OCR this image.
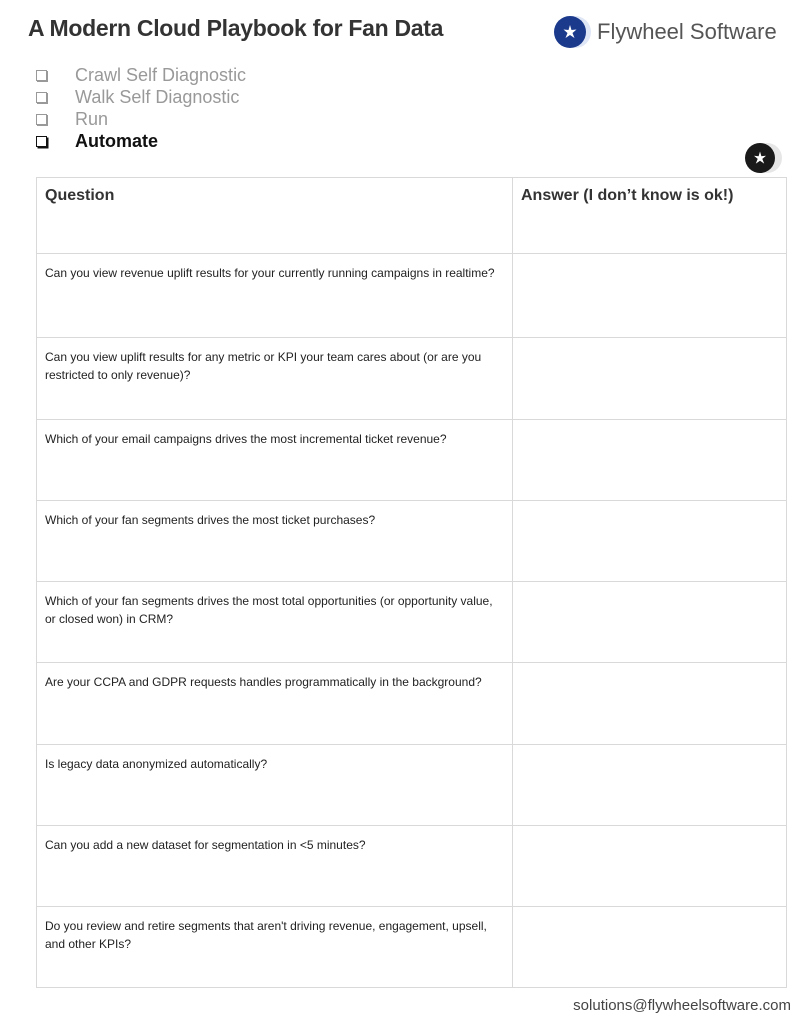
A Modern Cloud Playbook for Fan Data	Flywheel Software
Crawl Self Diagnostic
Walk Self Diagnostic
Run
Automate
Question	Answer (I don’t know is ok!)
Can you view revenue uplift results for your currently running campaigns in realtime?	
Can you view uplift results for any metric or KPI your team cares about (or are you restricted to only revenue)?	
Which of your email campaigns drives the most incremental ticket revenue?	
Which of your fan segments drives the most ticket purchases?	
Which of your fan segments drives the most total opportunities (or opportunity value, or closed won) in CRM?	
Are your CCPA and GDPR requests handles programmatically in the background?	
Is legacy data anonymized automatically?	
Can you add a new dataset for segmentation in <5 minutes?	
Do you review and retire segments that aren't driving revenue, engagement, upsell, and other KPIs?	
solutions@flywheelsoftware.com
